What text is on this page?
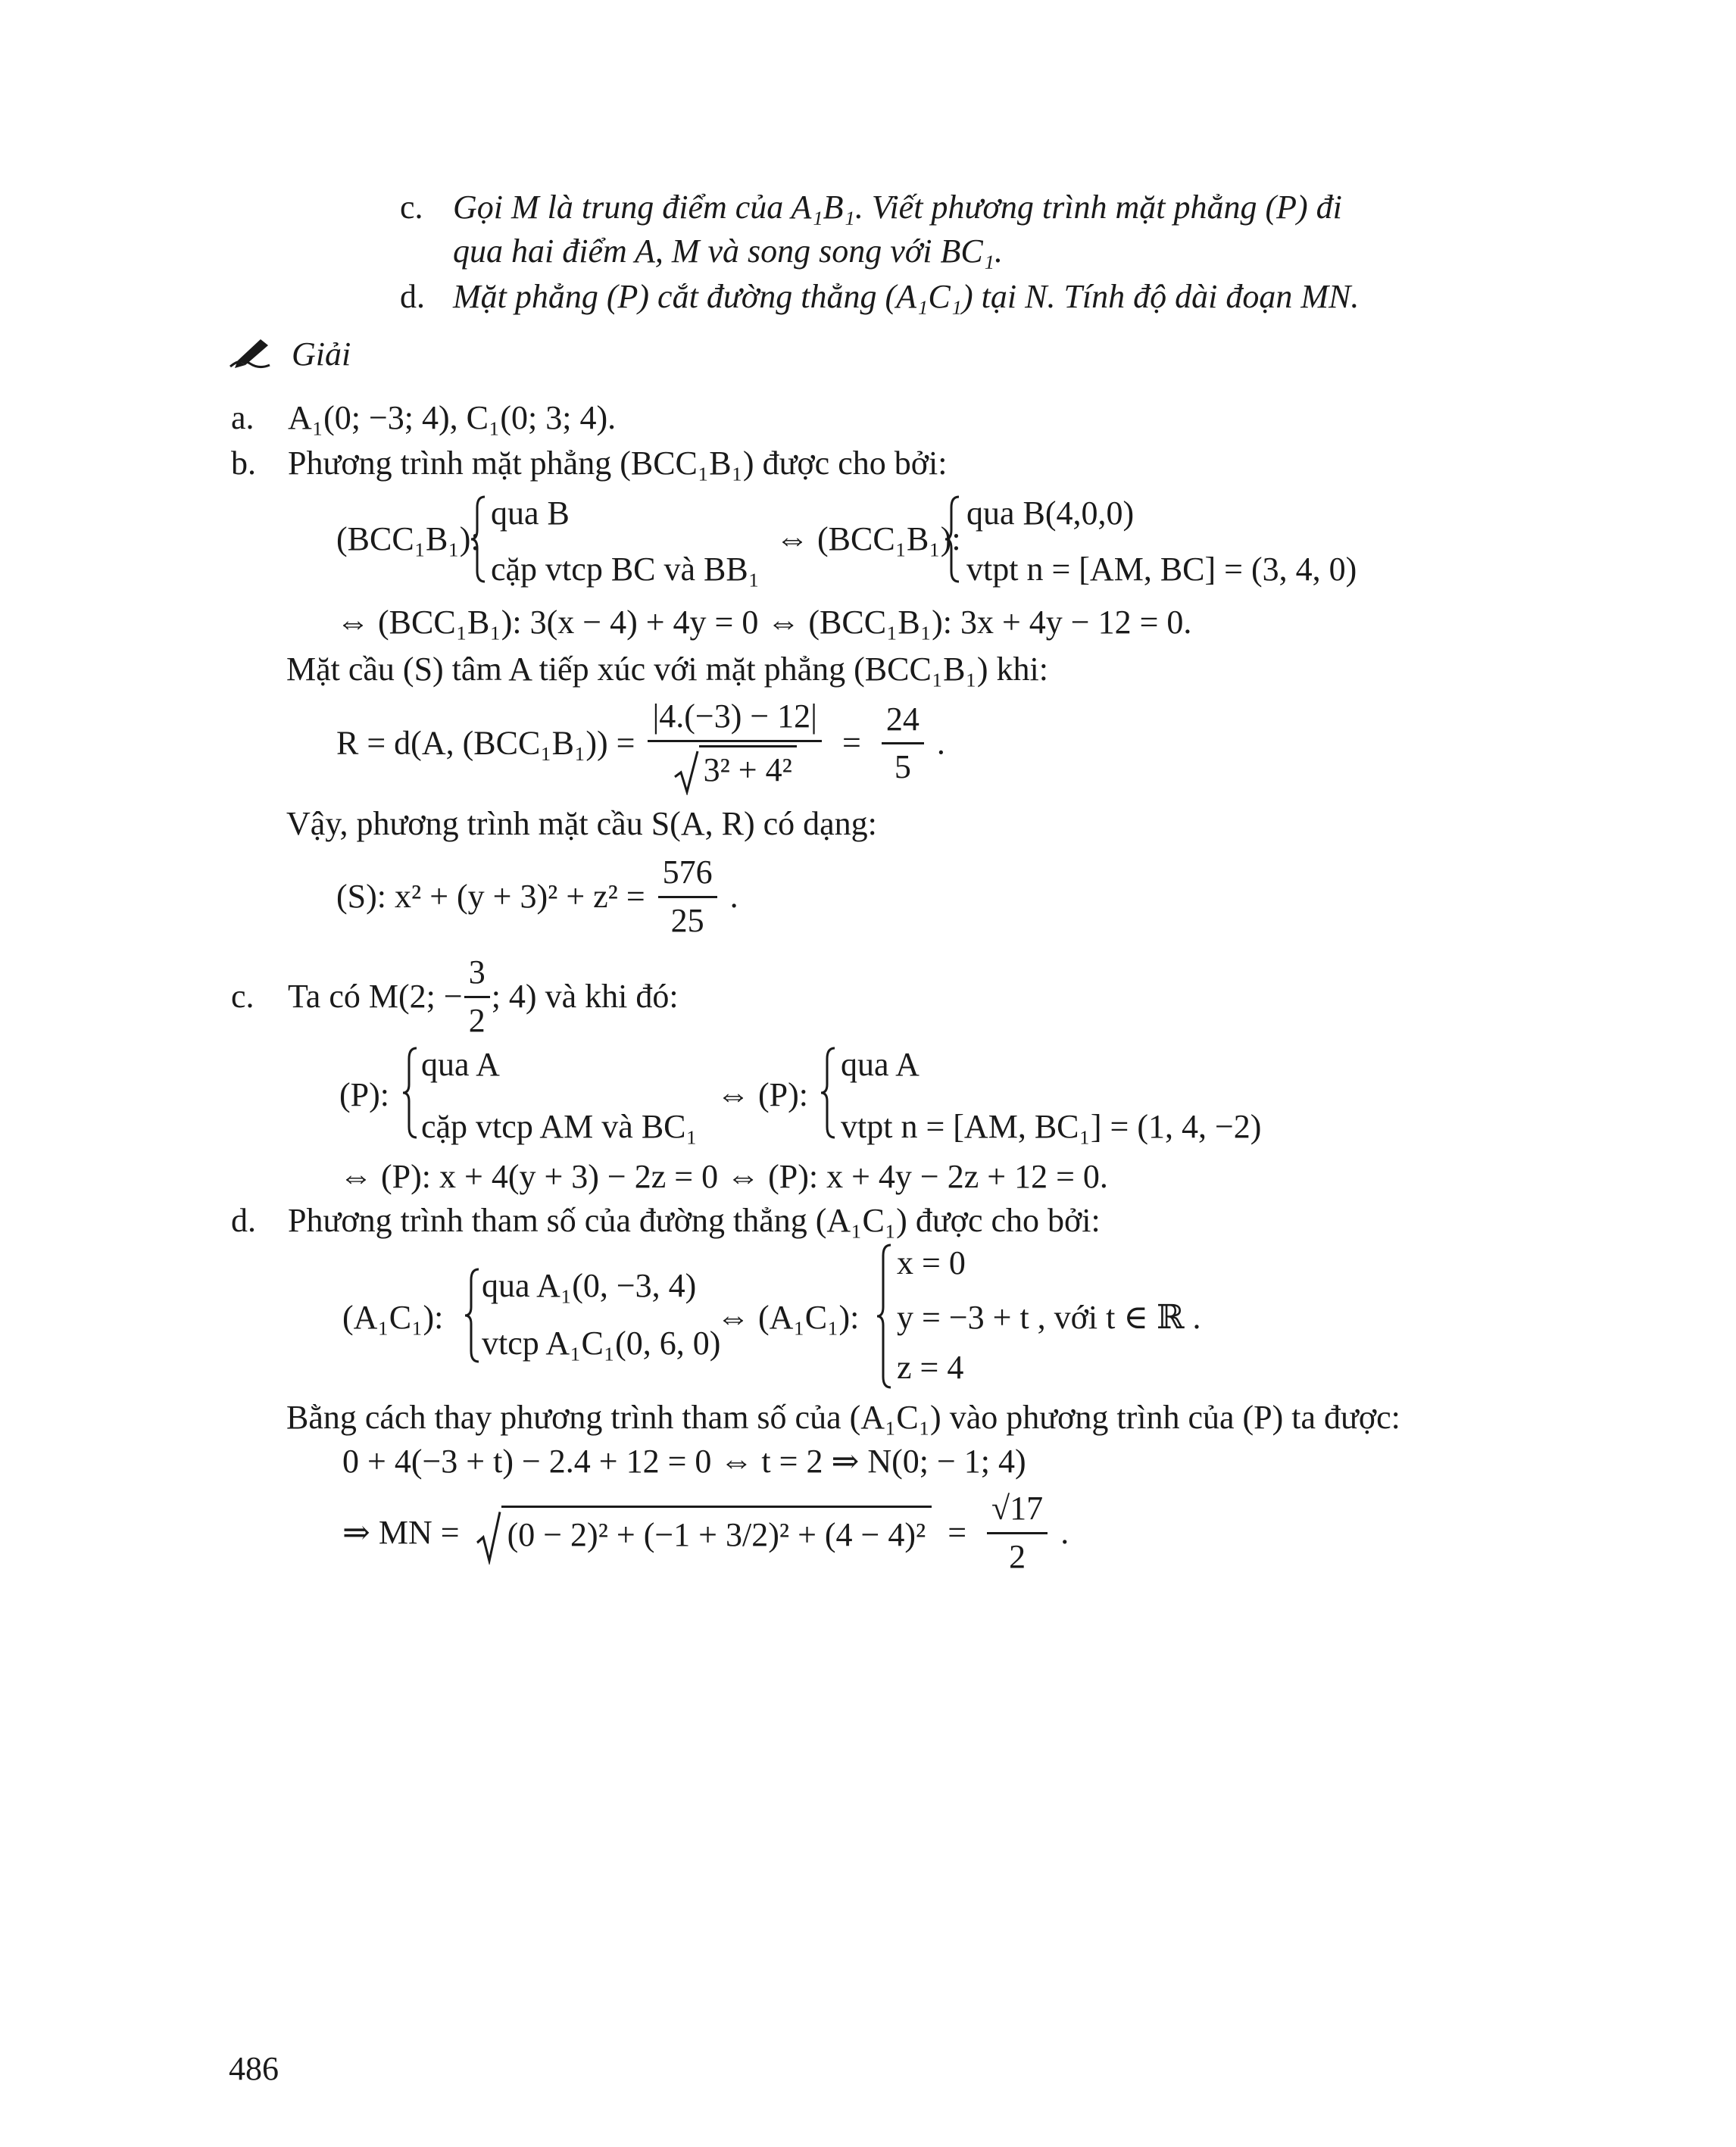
c. Gọi M là trung điểm của A₁B₁. Viết phương trình mặt phẳng (P) đi
qua hai điểm A, M và song song với BC₁.
d. Mặt phẳng (P) cắt đường thẳng (A₁C₁) tại N. Tính độ dài đoạn MN.
Giải
a. A₁(0; −3; 4), C₁(0; 3; 4).
b. Phương trình mặt phẳng (BCC₁B₁) được cho bởi:
(BCC₁B₁):
qua B
cặp vtcp BC và BB₁
⇔ (BCC₁B₁):
qua B(4,0,0)
vtpt n = [AM, BC] = (3, 4, 0)
⇔ (BCC₁B₁): 3(x − 4) + 4y = 0 ⇔ (BCC₁B₁): 3x + 4y − 12 = 0.
Mặt cầu (S) tâm A tiếp xúc với mặt phẳng (BCC₁B₁) khi:
R = d(A, $(BCC_1B_1)) = \frac{|4.(-3) - 12|}{\text{3² + 4²}} = \frac{24}{5}$ .
Vậy, phương trình mặt cầu S(A, R) có dạng:
(S): $x^2 + (y + 3)^2 + z^2 = \frac{576}{25}$ .
c. Ta có M(2; − $\frac{3}{2}$ ; 4) và khi đó:
(P):
qua A
cặp vtcp AM và BC₁
⇔ (P):
qua A
vtpt n = [AM, BC₁] = (1, 4, −2)
⇔ (P): x + 4(y + 3) − 2z = 0 ⇔ (P): x + 4y − 2z + 12 = 0.
d. Phương trình tham số của đường thẳng (A₁C₁) được cho bởi:
(A₁C₁):
qua A₁(0, −3, 4)
vtcp A₁C₁(0, 6, 0)
⇔ (A₁C₁):
x = 0
y = −3 + t , với t ∈ ℝ .
z = 4
Bằng cách thay phương trình tham số của (A₁C₁) vào phương trình của (P) ta được:
0 + 4(−3 + t) − 2.4 + 12 = 0 ⇔ t = 2 ⇒ N(0; − 1; 4)
⇒ MN = $(0 - 2)^2 + (-1 + 3/2)^2 + (4 - 4)^2 = \frac{√17}{2}$ .
486
